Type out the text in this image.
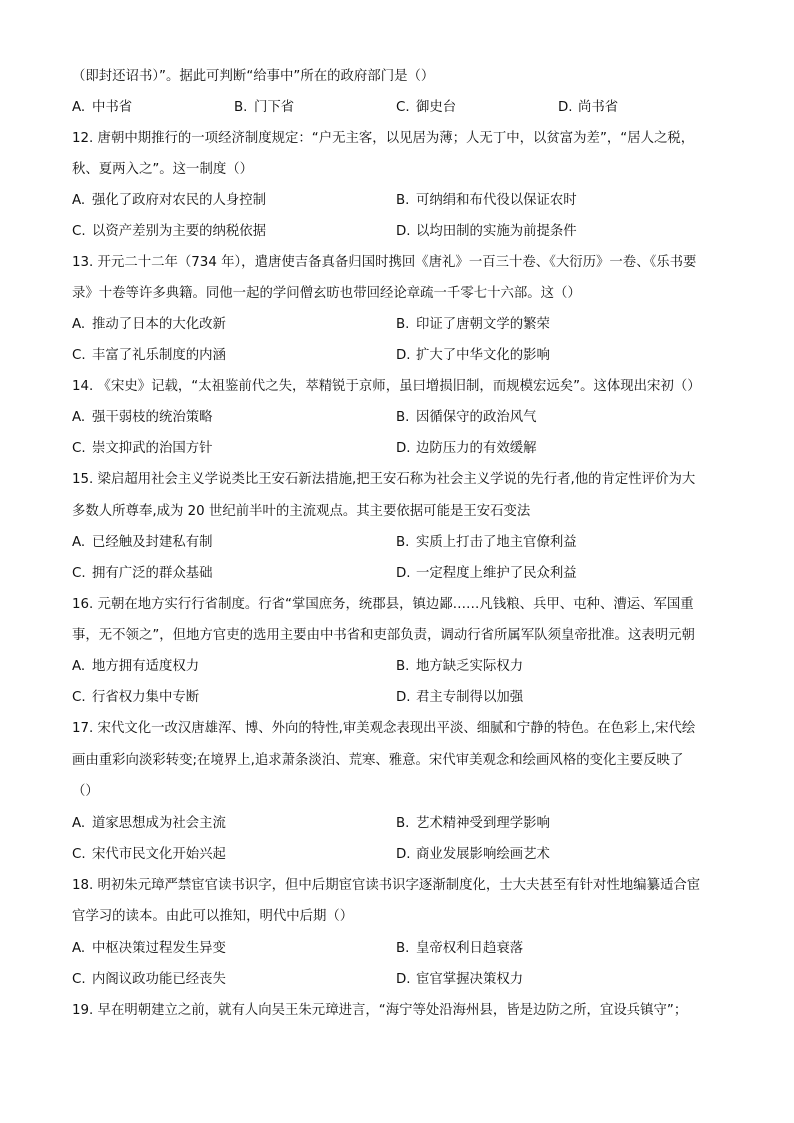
（即封还诏书）”。据此可判断“给事中”所在的政府部门是（）
A. 中书省	B. 门下省	C. 御史台	D. 尚书省
12. 唐朝中期推行的一项经济制度规定：“户无主客，以见居为薄；人无丁中，以贫富为差”，“居人之税，
秋、夏两入之”。这一制度（）
A. 强化了政府对农民的人身控制	B. 可纳绢和布代役以保证农时
C. 以资产差别为主要的纳税依据	D. 以均田制的实施为前提条件
13. 开元二十二年（734 年），遣唐使吉备真备归国时携回《唐礼》一百三十卷、《大衍历》一卷、《乐书要
录》十卷等许多典籍。同他一起的学问僧玄昉也带回经论章疏一千零七十六部。这（）
A. 推动了日本的大化改新	B. 印证了唐朝文学的繁荣
C. 丰富了礼乐制度的内涵	D. 扩大了中华文化的影响
14. 《宋史》记载，“太祖鉴前代之失，萃精锐于京师，虽曰增损旧制，而规模宏远矣”。这体现出宋初（）
A. 强干弱枝的统治策略	B. 因循保守的政治风气
C. 崇文抑武的治国方针	D. 边防压力的有效缓解
15. 梁启超用社会主义学说类比王安石新法措施,把王安石称为社会主义学说的先行者,他的肯定性评价为大
多数人所尊奉,成为 20 世纪前半叶的主流观点。其主要依据可能是王安石变法
A. 已经触及封建私有制	B. 实质上打击了地主官僚利益
C. 拥有广泛的群众基础	D. 一定程度上维护了民众利益
16. 元朝在地方实行行省制度。行省“掌国庶务，统郡县，镇边鄙……凡钱粮、兵甲、屯种、漕运、军国重
事，无不领之”，但地方官吏的选用主要由中书省和吏部负责，调动行省所属军队须皇帝批准。这表明元朝
A. 地方拥有适度权力	B. 地方缺乏实际权力
C. 行省权力集中专断	D. 君主专制得以加强
17. 宋代文化一改汉唐雄浑、博、外向的特性,审美观念表现出平淡、细腻和宁静的特色。在色彩上,宋代绘
画由重彩向淡彩转变;在境界上,追求萧条淡泊、荒寒、雅意。宋代审美观念和绘画风格的变化主要反映了
（）
A. 道家思想成为社会主流	B. 艺术精神受到理学影响
C. 宋代市民文化开始兴起	D. 商业发展影响绘画艺术
18. 明初朱元璋严禁宦官读书识字，但中后期宦官读书识字逐渐制度化，士大夫甚至有针对性地编纂适合宦
官学习的读本。由此可以推知，明代中后期（）
A. 中枢决策过程发生异变	B. 皇帝权利日趋衰落
C. 内阁议政功能已经丧失	D. 宦官掌握决策权力
19. 早在明朝建立之前，就有人向吴王朱元璋进言，“海宁等处沿海州县，皆是边防之所，宜设兵镇守”；
